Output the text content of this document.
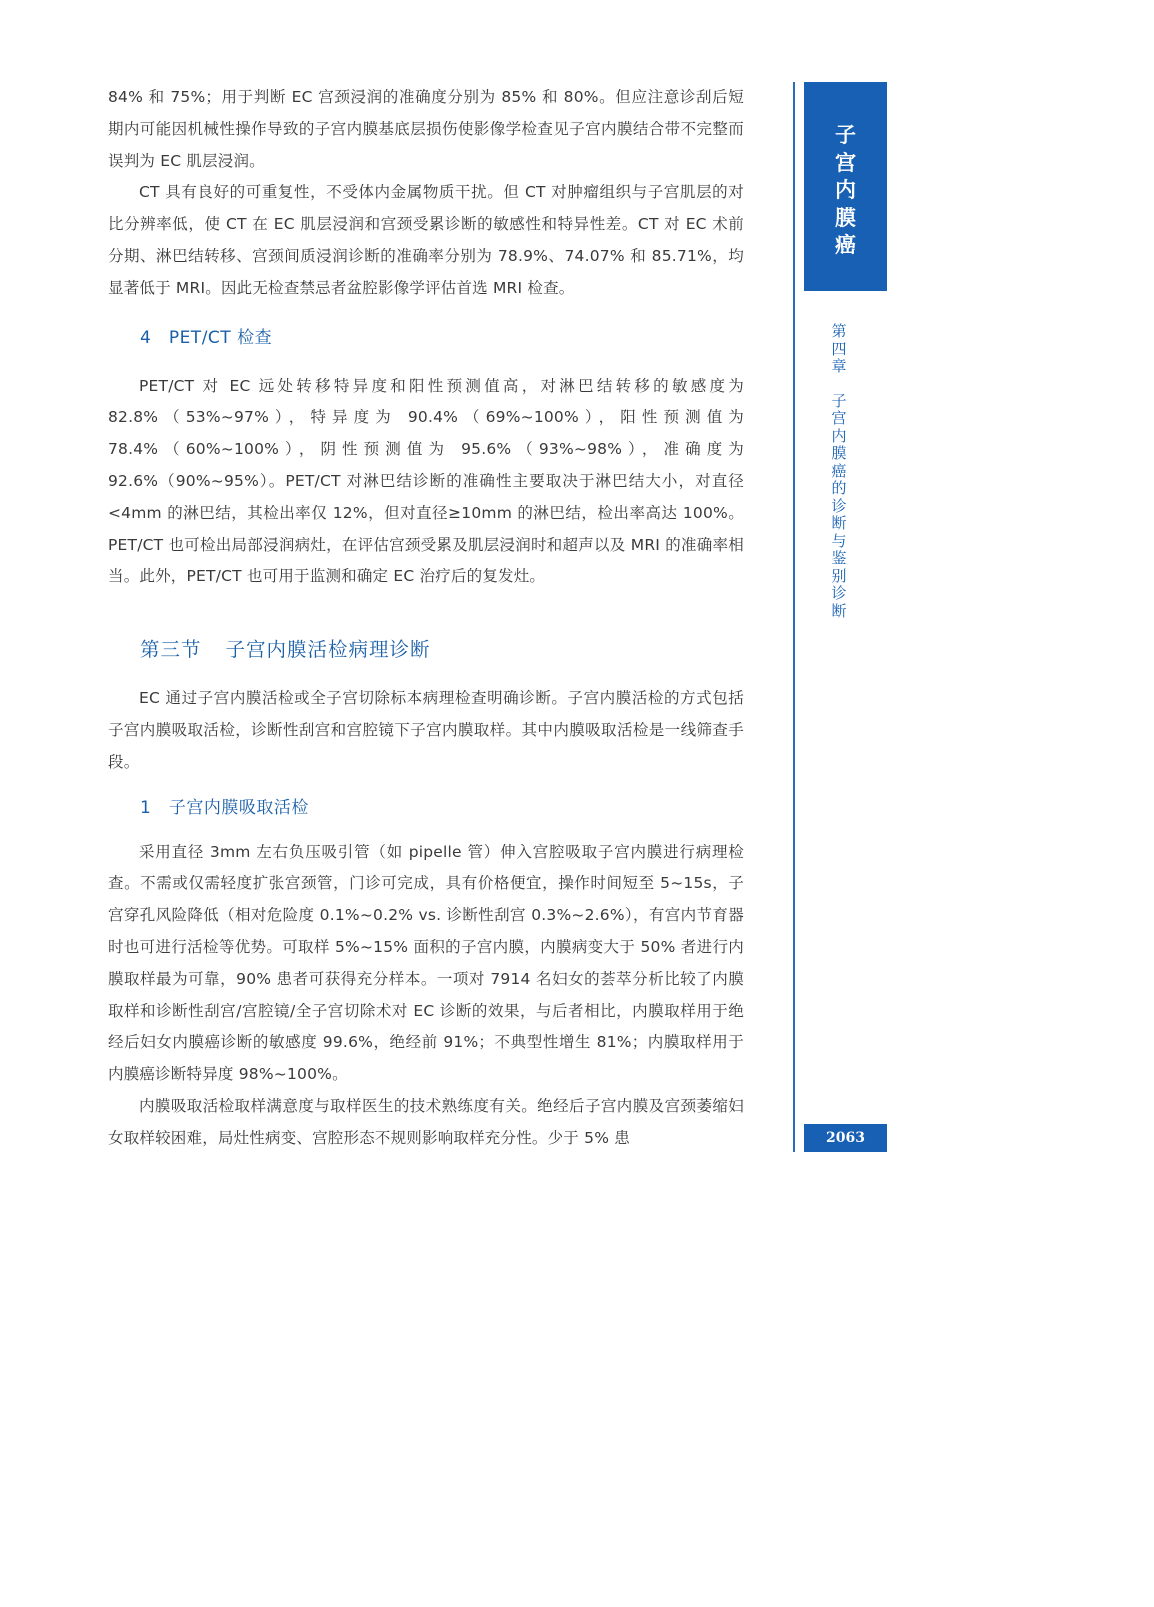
84% 和 75%；用于判断 EC 宫颈浸润的准确度分别为 85% 和 80%。但应注意诊刮后短期内可能因机械性操作导致的子宫内膜基底层损伤使影像学检查见子宫内膜结合带不完整而误判为 EC 肌层浸润。

CT 具有良好的可重复性，不受体内金属物质干扰。但 CT 对肿瘤组织与子宫肌层的对比分辨率低，使 CT 在 EC 肌层浸润和宫颈受累诊断的敏感性和特异性差。CT 对 EC 术前分期、淋巴结转移、宫颈间质浸润诊断的准确率分别为 78.9%、74.07% 和 85.71%，均显著低于 MRI。因此无检查禁忌者盆腔影像学评估首选 MRI 检查。

4　PET/CT 检查

PET/CT 对 EC 远处转移特异度和阳性预测值高，对淋巴结转移的敏感度为 82.8%（53%~97%），特异度为 90.4%（69%~100%），阳性预测值为 78.4%（60%~100%），阴性预测值为 95.6%（93%~98%），准确度为 92.6%（90%~95%）。PET/CT 对淋巴结诊断的准确性主要取决于淋巴结大小，对直径<4mm 的淋巴结，其检出率仅 12%，但对直径≥10mm 的淋巴结，检出率高达 100%。PET/CT 也可检出局部浸润病灶，在评估宫颈受累及肌层浸润时和超声以及 MRI 的准确率相当。此外，PET/CT 也可用于监测和确定 EC 治疗后的复发灶。

第三节 子宫内膜活检病理诊断

EC 通过子宫内膜活检或全子宫切除标本病理检查明确诊断。子宫内膜活检的方式包括子宫内膜吸取活检，诊断性刮宫和宫腔镜下子宫内膜取样。其中内膜吸取活检是一线筛查手段。

1　子宫内膜吸取活检

采用直径 3mm 左右负压吸引管（如 pipelle 管）伸入宫腔吸取子宫内膜进行病理检查。不需或仅需轻度扩张宫颈管，门诊可完成，具有价格便宜，操作时间短至 5~15s，子宫穿孔风险降低（相对危险度 0.1%~0.2% vs. 诊断性刮宫 0.3%~2.6%），有宫内节育器时也可进行活检等优势。可取样 5%~15% 面积的子宫内膜，内膜病变大于 50% 者进行内膜取样最为可靠，90% 患者可获得充分样本。一项对 7914 名妇女的荟萃分析比较了内膜取样和诊断性刮宫/宫腔镜/全子宫切除术对 EC 诊断的效果，与后者相比，内膜取样用于绝经后妇女内膜癌诊断的敏感度 99.6%，绝经前 91%；不典型性增生 81%；内膜取样用于内膜癌诊断特异度 98%~100%。

内膜吸取活检取样满意度与取样医生的技术熟练度有关。绝经后子宫内膜及宫颈萎缩妇女取样较困难，局灶性病变、宫腔形态不规则影响取样充分性。少于 5% 患

子
宫
内
膜
癌
第
四
章
子
宫
内
膜
癌
的
诊
断
与
鉴
别
诊
断
2063
